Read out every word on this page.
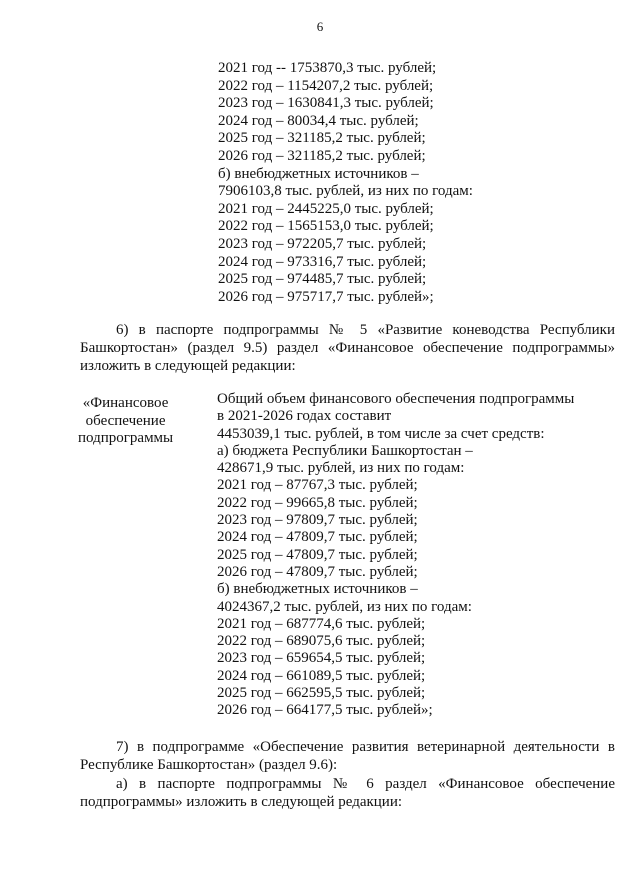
6
2021 год -- 1753870,3 тыс. рублей;
2022 год – 1154207,2 тыс. рублей;
2023 год – 1630841,3 тыс. рублей;
2024 год – 80034,4 тыс. рублей;
2025 год – 321185,2 тыс. рублей;
2026 год – 321185,2 тыс. рублей;
б) внебюджетных источников –
7906103,8 тыс. рублей, из них по годам:
2021 год – 2445225,0 тыс. рублей;
2022 год – 1565153,0 тыс. рублей;
2023 год – 972205,7 тыс. рублей;
2024 год – 973316,7 тыс. рублей;
2025 год – 974485,7 тыс. рублей;
2026 год – 975717,7 тыс. рублей»;
6) в паспорте подпрограммы № 5 «Развитие коневодства Республики Башкортостан» (раздел 9.5) раздел «Финансовое обеспечение подпрограммы» изложить в следующей редакции:
«Финансовое
обеспечение
подпрограммы
Общий объем финансового обеспечения подпрограммы
в 2021-2026 годах составит
4453039,1 тыс. рублей, в том числе за счет средств:
а) бюджета Республики Башкортостан –
428671,9 тыс. рублей, из них по годам:
2021 год – 87767,3 тыс. рублей;
2022 год – 99665,8 тыс. рублей;
2023 год – 97809,7 тыс. рублей;
2024 год – 47809,7 тыс. рублей;
2025 год – 47809,7 тыс. рублей;
2026 год – 47809,7 тыс. рублей;
б) внебюджетных источников –
4024367,2 тыс. рублей, из них по годам:
2021 год – 687774,6 тыс. рублей;
2022 год – 689075,6 тыс. рублей;
2023 год – 659654,5 тыс. рублей;
2024 год – 661089,5 тыс. рублей;
2025 год – 662595,5 тыс. рублей;
2026 год – 664177,5 тыс. рублей»;
7) в подпрограмме «Обеспечение развития ветеринарной деятельности в Республике Башкортостан» (раздел 9.6):
а) в паспорте подпрограммы № 6 раздел «Финансовое обеспечение подпрограммы» изложить в следующей редакции:
